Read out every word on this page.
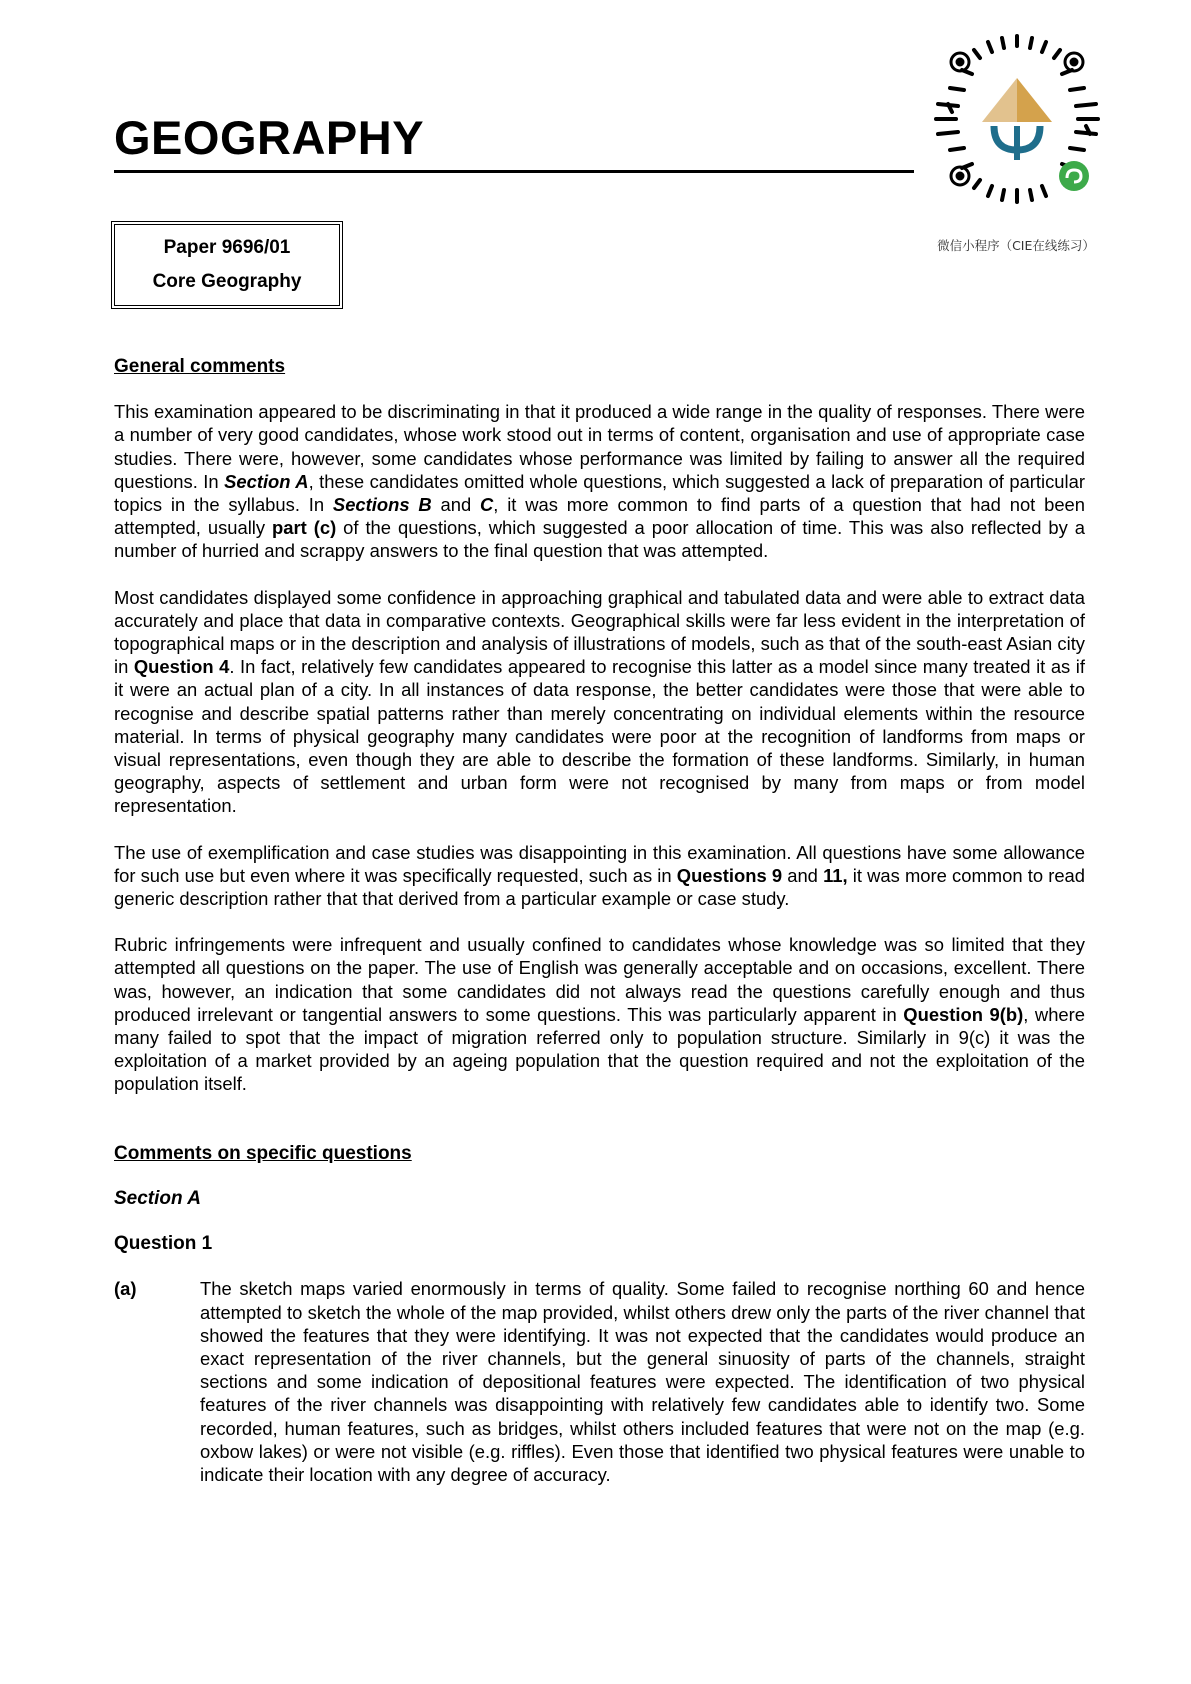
GEOGRAPHY
微信小程序（CIE在线练习）
Paper 9696/01
Core Geography

General comments

This examination appeared to be discriminating in that it produced a wide range in the quality of responses. There were a number of very good candidates, whose work stood out in terms of content, organisation and use of appropriate case studies. There were, however, some candidates whose performance was limited by failing to answer all the required questions. In Section A, these candidates omitted whole questions, which suggested a lack of preparation of particular topics in the syllabus. In Sections B and C, it was more common to find parts of a question that had not been attempted, usually part (c) of the questions, which suggested a poor allocation of time. This was also reflected by a number of hurried and scrappy answers to the final question that was attempted.

Most candidates displayed some confidence in approaching graphical and tabulated data and were able to extract data accurately and place that data in comparative contexts. Geographical skills were far less evident in the interpretation of topographical maps or in the description and analysis of illustrations of models, such as that of the south-east Asian city in Question 4. In fact, relatively few candidates appeared to recognise this latter as a model since many treated it as if it were an actual plan of a city. In all instances of data response, the better candidates were those that were able to recognise and describe spatial patterns rather than merely concentrating on individual elements within the resource material. In terms of physical geography many candidates were poor at the recognition of landforms from maps or visual representations, even though they are able to describe the formation of these landforms. Similarly, in human geography, aspects of settlement and urban form were not recognised by many from maps or from model representation.

The use of exemplification and case studies was disappointing in this examination. All questions have some allowance for such use but even where it was specifically requested, such as in Questions 9 and 11, it was more common to read generic description rather that that derived from a particular example or case study.

Rubric infringements were infrequent and usually confined to candidates whose knowledge was so limited that they attempted all questions on the paper. The use of English was generally acceptable and on occasions, excellent. There was, however, an indication that some candidates did not always read the questions carefully enough and thus produced irrelevant or tangential answers to some questions. This was particularly apparent in Question 9(b), where many failed to spot that the impact of migration referred only to population structure. Similarly in 9(c) it was the exploitation of a market provided by an ageing population that the question required and not the exploitation of the population itself.

Comments on specific questions

Section A

Question 1

(a)	The sketch maps varied enormously in terms of quality. Some failed to recognise northing 60 and hence attempted to sketch the whole of the map provided, whilst others drew only the parts of the river channel that showed the features that they were identifying. It was not expected that the candidates would produce an exact representation of the river channels, but the general sinuosity of parts of the channels, straight sections and some indication of depositional features were expected. The identification of two physical features of the river channels was disappointing with relatively few candidates able to identify two. Some recorded, human features, such as bridges, whilst others included features that were not on the map (e.g. oxbow lakes) or were not visible (e.g. riffles). Even those that identified two physical features were unable to indicate their location with any degree of accuracy.
